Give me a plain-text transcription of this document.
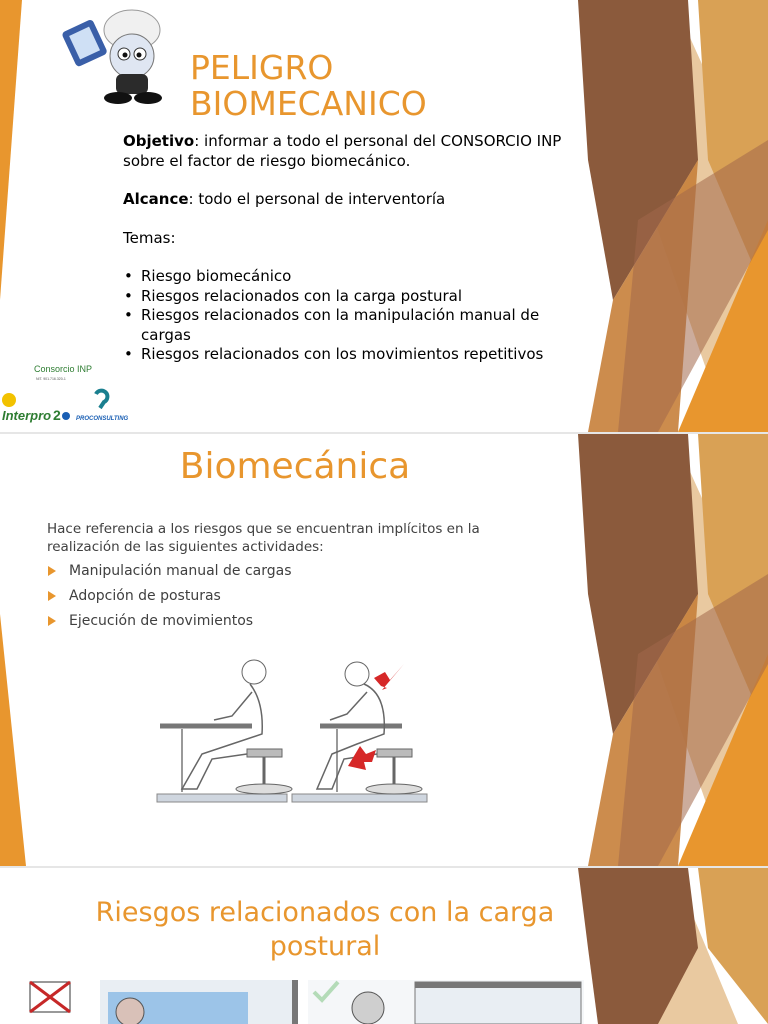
PELIGRO
BIOMECANICO

Objetivo: informar a todo el personal del CONSORCIO INP sobre el factor de riesgo biomecánico.

Alcance: todo el personal de interventoría

Temas:

• Riesgo biomecánico
• Riesgos relacionados con la carga postural
• Riesgos relacionados con la manipulación manual de cargas
• Riesgos relacionados con los movimientos repetitivos
Consorcio INP
NIT. 901.716.320-1
Interpro 2	PROCONSULTING
Biomecánica
Hace referencia a los riesgos que se encuentran implícitos en la realización de las siguientes actividades:
Manipulación manual de cargas
Adopción de posturas
Ejecución de movimientos
Riesgos relacionados con la carga postural
